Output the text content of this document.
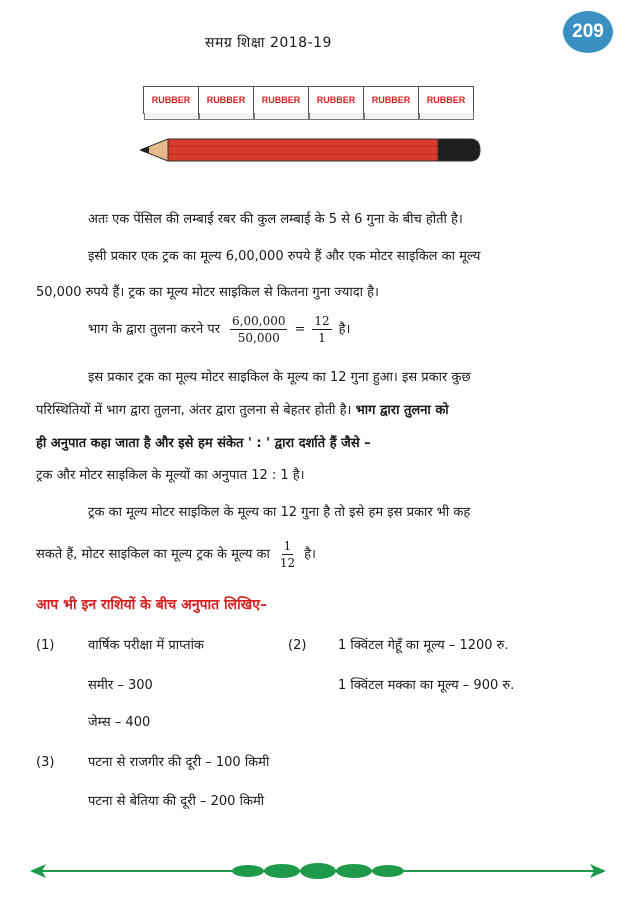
समग्र शिक्षा 2018-19
209
RUBBER RUBBER RUBBER RUBBER RUBBER RUBBER
अतः एक पेंसिल की लम्बाई रबर की कुल लम्बाई के 5 से 6 गुना के बीच होती है।
इसी प्रकार एक ट्रक का मूल्य 6,00,000 रुपये हैं और एक मोटर साइकिल का मूल्य
50,000 रुपये हैं। ट्रक का मूल्य मोटर साइकिल से कितना गुना ज्यादा है।
भाग के द्वारा तुलना करने पर $\frac{6,00,000}{50,000} = \frac{12}{1}$ है।
इस प्रकार ट्रक का मूल्य मोटर साइकिल के मूल्य का 12 गुना हुआ। इस प्रकार कुछ
परिस्थितियों में भाग द्वारा तुलना, अंतर द्वारा तुलना से बेहतर होती है। भाग द्वारा तुलना को
ही अनुपात कहा जाता है और इसे हम संकेत ' : ' द्वारा दर्शाते हैं जैसे –
ट्रक और मोटर साइकिल के मूल्यों का अनुपात 12 : 1 है।
ट्रक का मूल्य मोटर साइकिल के मूल्य का 12 गुना है तो इसे हम इस प्रकार भी कह
सकते हैं, मोटर साइकिल का मूल्य ट्रक के मूल्य का $\frac{1}{12}$ है।
आप भी इन राशियों के बीच अनुपात लिखिए–
(1)	वार्षिक परीक्षा में प्राप्तांक
समीर – 300
जेम्स – 400
(2) 1 क्विंटल गेहूँ का मूल्य – 1200 रु.
1 क्विंटल मक्का का मूल्य – 900 रु.
(3)	पटना से राजगीर की दूरी – 100 किमी
पटना से बेतिया की दूरी – 200 किमी
